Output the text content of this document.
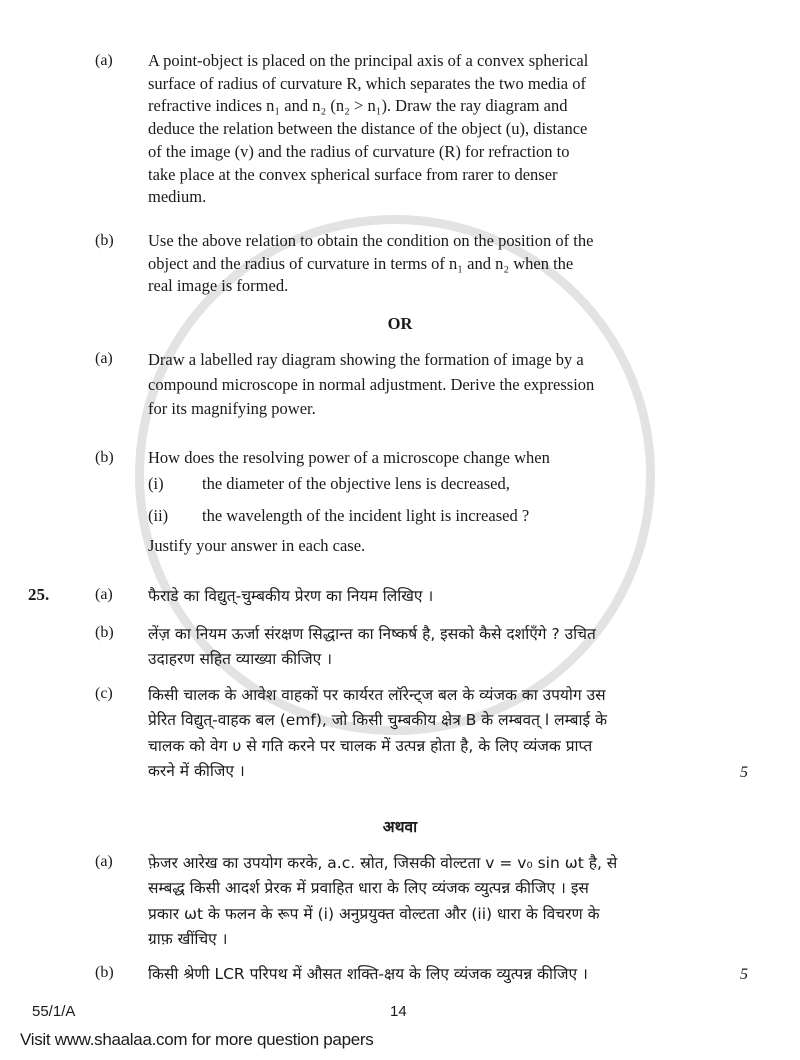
(a)	A point-object is placed on the principal axis of a convex spherical
surface of radius of curvature R, which separates the two media of
refractive indices n₁ and n₂ (n₂ > n₁). Draw the ray diagram and
deduce the relation between the distance of the object (u), distance
of the image (v) and the radius of curvature (R) for refraction to
take place at the convex spherical surface from rarer to denser
medium.
(b)	Use the above relation to obtain the condition on the position of the
object and the radius of curvature in terms of n₁ and n₂ when the
real image is formed.
OR
(a)	Draw a labelled ray diagram showing the formation of image by a
compound microscope in normal adjustment. Derive the expression
for its magnifying power.
(b)	How does the resolving power of a microscope change when
(i)	the diameter of the objective lens is decreased,
(ii)	the wavelength of the incident light is increased ?
Justify your answer in each case.
25.	(a)	फैराडे का विद्युत्-चुम्बकीय प्रेरण का नियम लिखिए ।
(b)	लेंज़ का नियम ऊर्जा संरक्षण सिद्धान्त का निष्कर्ष है, इसको कैसे दर्शाएँगे ? उचित
उदाहरण सहित व्याख्या कीजिए ।
(c)	किसी चालक के आवेश वाहकों पर कार्यरत लॉरेन्ट्ज बल के व्यंजक का उपयोग उस
प्रेरित विद्युत्-वाहक बल (emf), जो किसी चुम्बकीय क्षेत्र B के लम्बवत् l लम्बाई के
चालक को वेग υ से गति करने पर चालक में उत्पन्न होता है, के लिए व्यंजक प्राप्त
करने में कीजिए ।	5
अथवा
(a)	फ़ेजर आरेख का उपयोग करके, a.c. स्रोत, जिसकी वोल्टता v = v₀ sin ωt है, से
सम्बद्ध किसी आदर्श प्रेरक में प्रवाहित धारा के लिए व्यंजक व्युत्पन्न कीजिए । इस
प्रकार ωt के फलन के रूप में (i) अनुप्रयुक्त वोल्टता और (ii) धारा के विचरण के
ग्राफ़ खींचिए ।
(b)	किसी श्रेणी LCR परिपथ में औसत शक्ति-क्षय के लिए व्यंजक व्युत्पन्न कीजिए ।	5
55/1/A	14
Visit www.shaalaa.com for more question papers
